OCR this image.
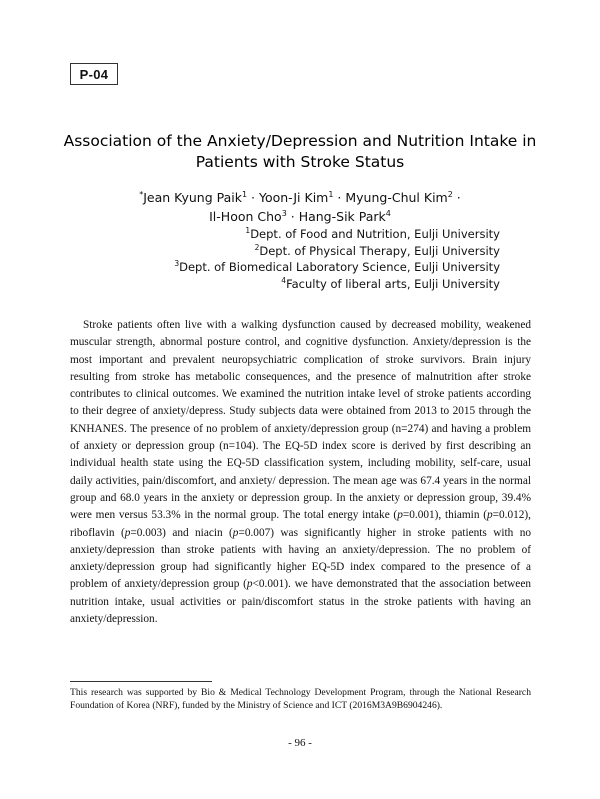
P-04
Association of the Anxiety/Depression and Nutrition Intake in
Patients with Stroke Status
*Jean Kyung Paik$^1$ · Yoon-Ji Kim$^1$ · Myung-Chul Kim$^2$ ·
Il-Hoon Cho$^3$ · Hang-Sik Park$^4$
$^1$Dept. of Food and Nutrition, Eulji University
$^2$Dept. of Physical Therapy, Eulji University
$^3$Dept. of Biomedical Laboratory Science, Eulji University
$^4$Faculty of liberal arts, Eulji University

Stroke patients often live with a walking dysfunction caused by decreased mobility, weakened muscular strength, abnormal posture control, and cognitive dysfunction. Anxiety/depression is the most important and prevalent neuropsychiatric complication of stroke survivors. Brain injury resulting from stroke has metabolic consequences, and the presence of malnutrition after stroke contributes to clinical outcomes. We examined the nutrition intake level of stroke patients according to their degree of anxiety/depress. Study subjects data were obtained from 2013 to 2015 through the KNHANES. The presence of no problem of anxiety/depression group (n=274) and having a problem of anxiety or depression group (n=104). The EQ-5D index score is derived by first describing an individual health state using the EQ-5D classification system, including mobility, self-care, usual daily activities, pain/discomfort, and anxiety/ depression. The mean age was 67.4 years in the normal group and 68.0 years in the anxiety or depression group. In the anxiety or depression group, 39.4% were men versus 53.3% in the normal group. The total energy intake (p=0.001), thiamin (p=0.012), riboflavin (p=0.003) and niacin (p=0.007) was significantly higher in stroke patients with no anxiety/depression than stroke patients with having an anxiety/depression. The no problem of anxiety/depression group had significantly higher EQ-5D index compared to the presence of a problem of anxiety/depression group (p<0.001). we have demonstrated that the association between nutrition intake, usual activities or pain/discomfort status in the stroke patients with having an anxiety/depression.

This research was supported by Bio & Medical Technology Development Program, through the National Research Foundation of Korea (NRF), funded by the Ministry of Science and ICT (2016M3A9B6904246).

- 96 -
